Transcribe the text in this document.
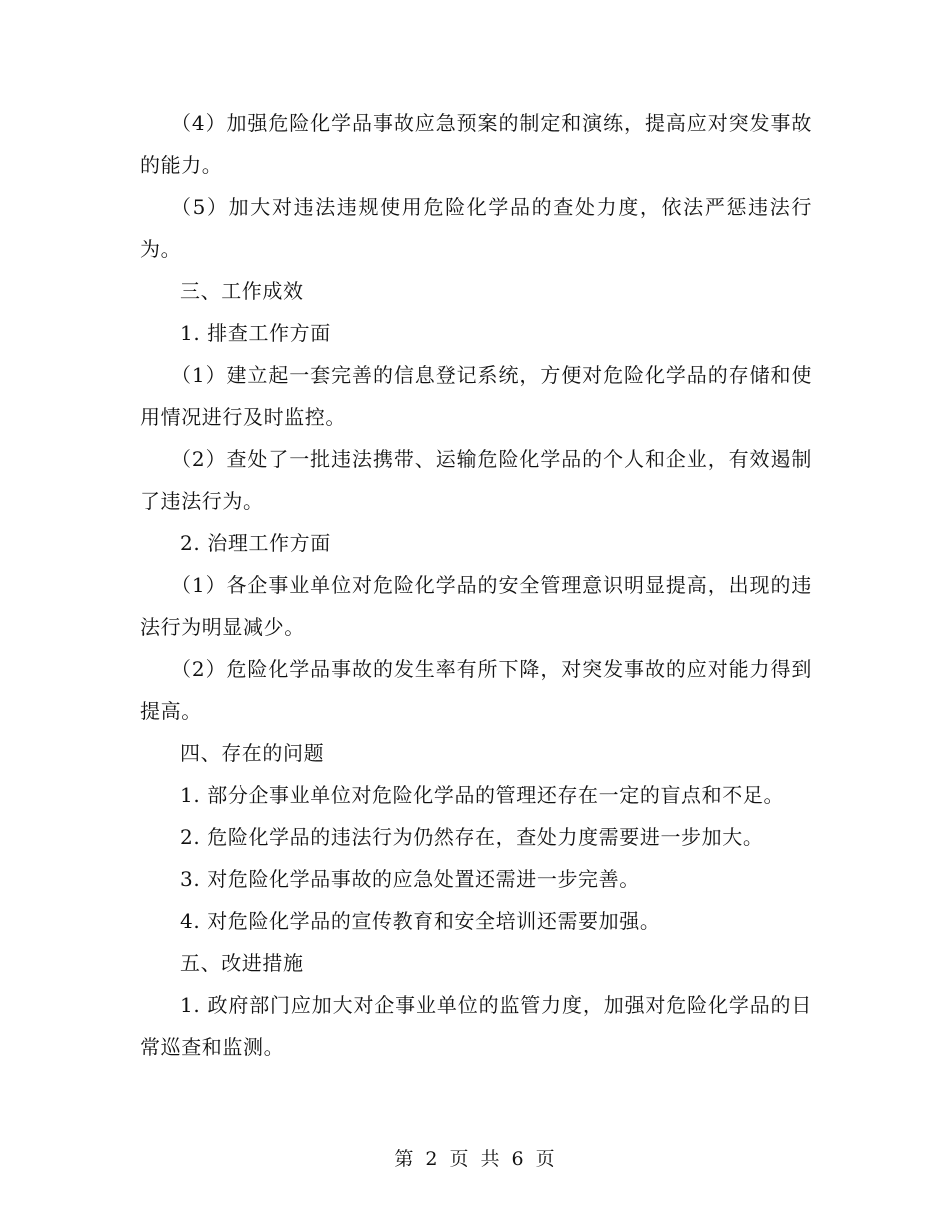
（4）加强危险化学品事故应急预案的制定和演练，提高应对突发事故的能力。

（5）加大对违法违规使用危险化学品的查处力度，依法严惩违法行为。

三、工作成效

1. 排查工作方面

（1）建立起一套完善的信息登记系统，方便对危险化学品的存储和使用情况进行及时监控。

（2）查处了一批违法携带、运输危险化学品的个人和企业，有效遏制了违法行为。

2. 治理工作方面

（1）各企事业单位对危险化学品的安全管理意识明显提高，出现的违法行为明显减少。

（2）危险化学品事故的发生率有所下降，对突发事故的应对能力得到提高。

四、存在的问题

1. 部分企事业单位对危险化学品的管理还存在一定的盲点和不足。

2. 危险化学品的违法行为仍然存在，查处力度需要进一步加大。

3. 对危险化学品事故的应急处置还需进一步完善。

4. 对危险化学品的宣传教育和安全培训还需要加强。

五、改进措施

1. 政府部门应加大对企事业单位的监管力度，加强对危险化学品的日常巡查和监测。

第 2 页 共 6 页
